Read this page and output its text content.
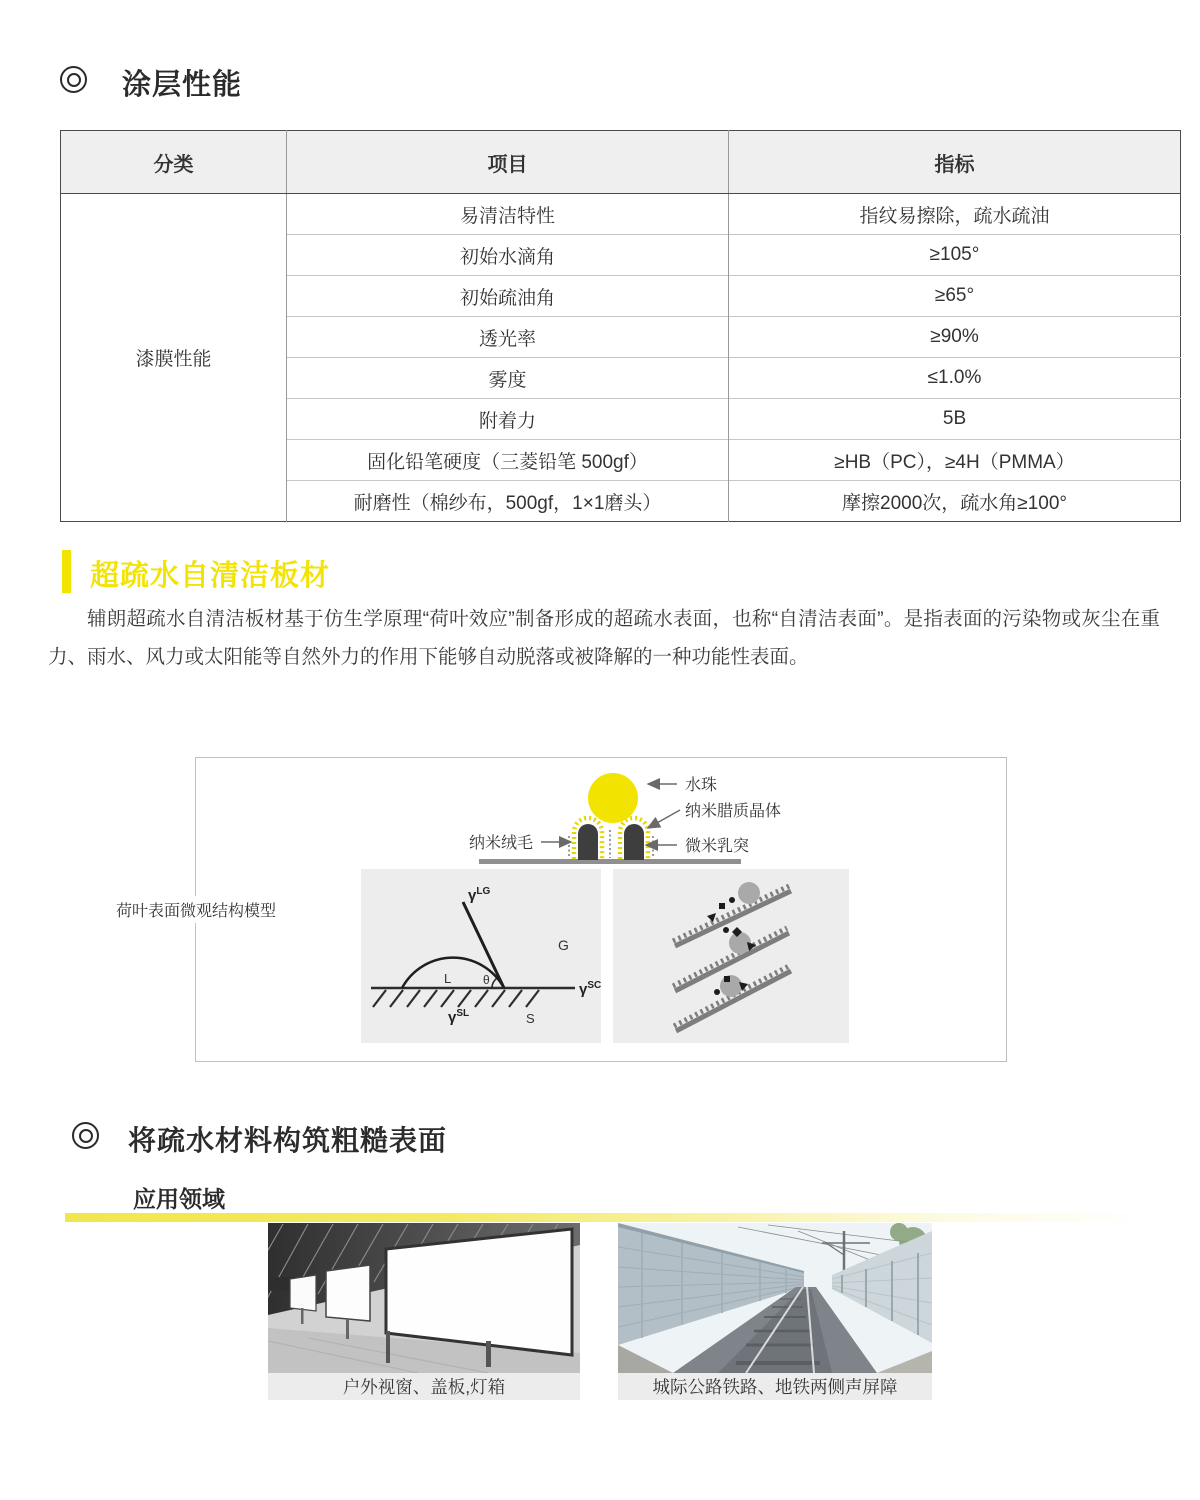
涂层性能
分类	项目	指标
漆膜性能	易清洁特性	指纹易擦除，疏水疏油
	初始水滴角	≥105°
	初始疏油角	≥65°
	透光率	≥90%
	雾度	≤1.0%
	附着力	5B
	固化铅笔硬度（三菱铅笔 500gf）	≥HB（PC），≥4H（PMMA）
	耐磨性（棉纱布，500gf，1×1磨头）	摩擦2000次，疏水角≥100°
超疏水自清洁板材

辅朗超疏水自清洁板材基于仿生学原理“荷叶效应”制备形成的超疏水表面，也称“自清洁表面”。是指表面的污染物或灰尘在重力、雨水、风力或太阳能等自然外力的作用下能够自动脱落或被降解的一种功能性表面。

水珠
纳米腊质晶体
纳米绒毛	微米乳突
$\gamma^{LG}$
G
$\gamma^{SC}$
L	θ
$\gamma^{SL}$	S
荷叶表面微观结构模型
将疏水材料构筑粗糙表面
应用领域
户外视窗、盖板,灯箱	城际公路铁路、地铁两侧声屏障
